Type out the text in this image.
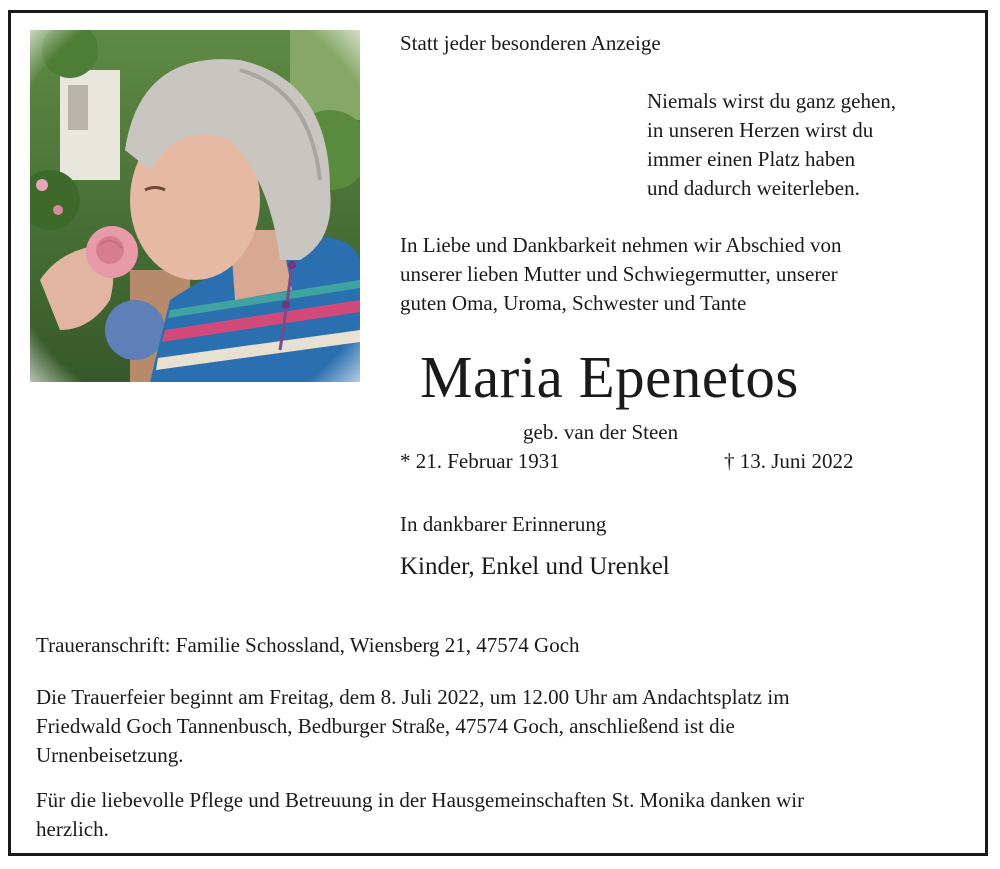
Statt jeder besonderen Anzeige
Niemals wirst du ganz gehen,
in unseren Herzen wirst du
immer einen Platz haben
und dadurch weiterleben.
In Liebe und Dankbarkeit nehmen wir Abschied von
unserer lieben Mutter und Schwiegermutter, unserer
guten Oma, Uroma, Schwester und Tante
Maria Epenetos
geb. van der Steen
* 21. Februar 1931	† 13. Juni 2022
In dankbarer Erinnerung
Kinder, Enkel und Urenkel
Traueranschrift: Familie Schossland, Wiensberg 21, 47574 Goch
Die Trauerfeier beginnt am Freitag, dem 8. Juli 2022, um 12.00 Uhr am Andachtsplatz im
Friedwald Goch Tannenbusch, Bedburger Straße, 47574 Goch, anschließend ist die
Urnenbeisetzung.
Für die liebevolle Pflege und Betreuung in der Hausgemeinschaften St. Monika danken wir
herzlich.
